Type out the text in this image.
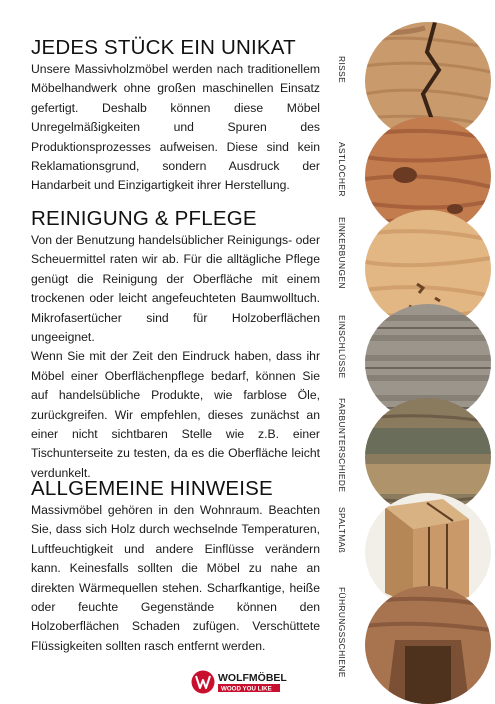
JEDES STÜCK EIN UNIKAT

Unsere Massivholzmöbel werden nach traditionellem Möbelhandwerk ohne großen maschinellen Einsatz gefertigt. Deshalb können diese Möbel Unregelmäßigkeiten und Spuren des Produktionsprozesses aufweisen. Diese sind kein Reklamationsgrund, sondern Ausdruck der Handarbeit und Einzigartigkeit ihrer Herstellung.

REINIGUNG & PFLEGE

Von der Benutzung handelsüblicher Reinigungs- oder Scheuermittel raten wir ab. Für die alltägliche Pflege genügt die Reinigung der Oberfläche mit einem trockenen oder leicht angefeuchteten Baumwolltuch. Mikrofasertücher sind für Holzoberflächen ungeeignet.

Wenn Sie mit der Zeit den Eindruck haben, dass ihr Möbel einer Oberflächenpflege bedarf, können Sie auf handelsübliche Produkte, wie farblose Öle, zurückgreifen. Wir empfehlen, dieses zunächst an einer nicht sichtbaren Stelle wie z.B. einer Tischunterseite zu testen, da es die Oberfläche leicht verdunkelt.

ALLGEMEINE HINWEISE

Massivmöbel gehören in den Wohnraum. Beachten Sie, dass sich Holz durch wechselnde Temperaturen, Luftfeuchtigkeit und andere Einflüsse verändern kann. Keinesfalls sollten die Möbel zu nahe an direkten Wärmequellen stehen. Scharfkantige, heiße oder feuchte Gegenstände können den Holzoberflächen Schaden zufügen. Verschüttete Flüssigkeiten sollten rasch entfernt werden.

RISSE
ASTLÖCHER
EINKERBUNGEN
EINSCHLÜSSE
FARBUNTERSCHIEDE
SPALTMAß
FÜHRUNGSSCHIENE
WOLFMÖBEL
WOOD YOU LIKE
